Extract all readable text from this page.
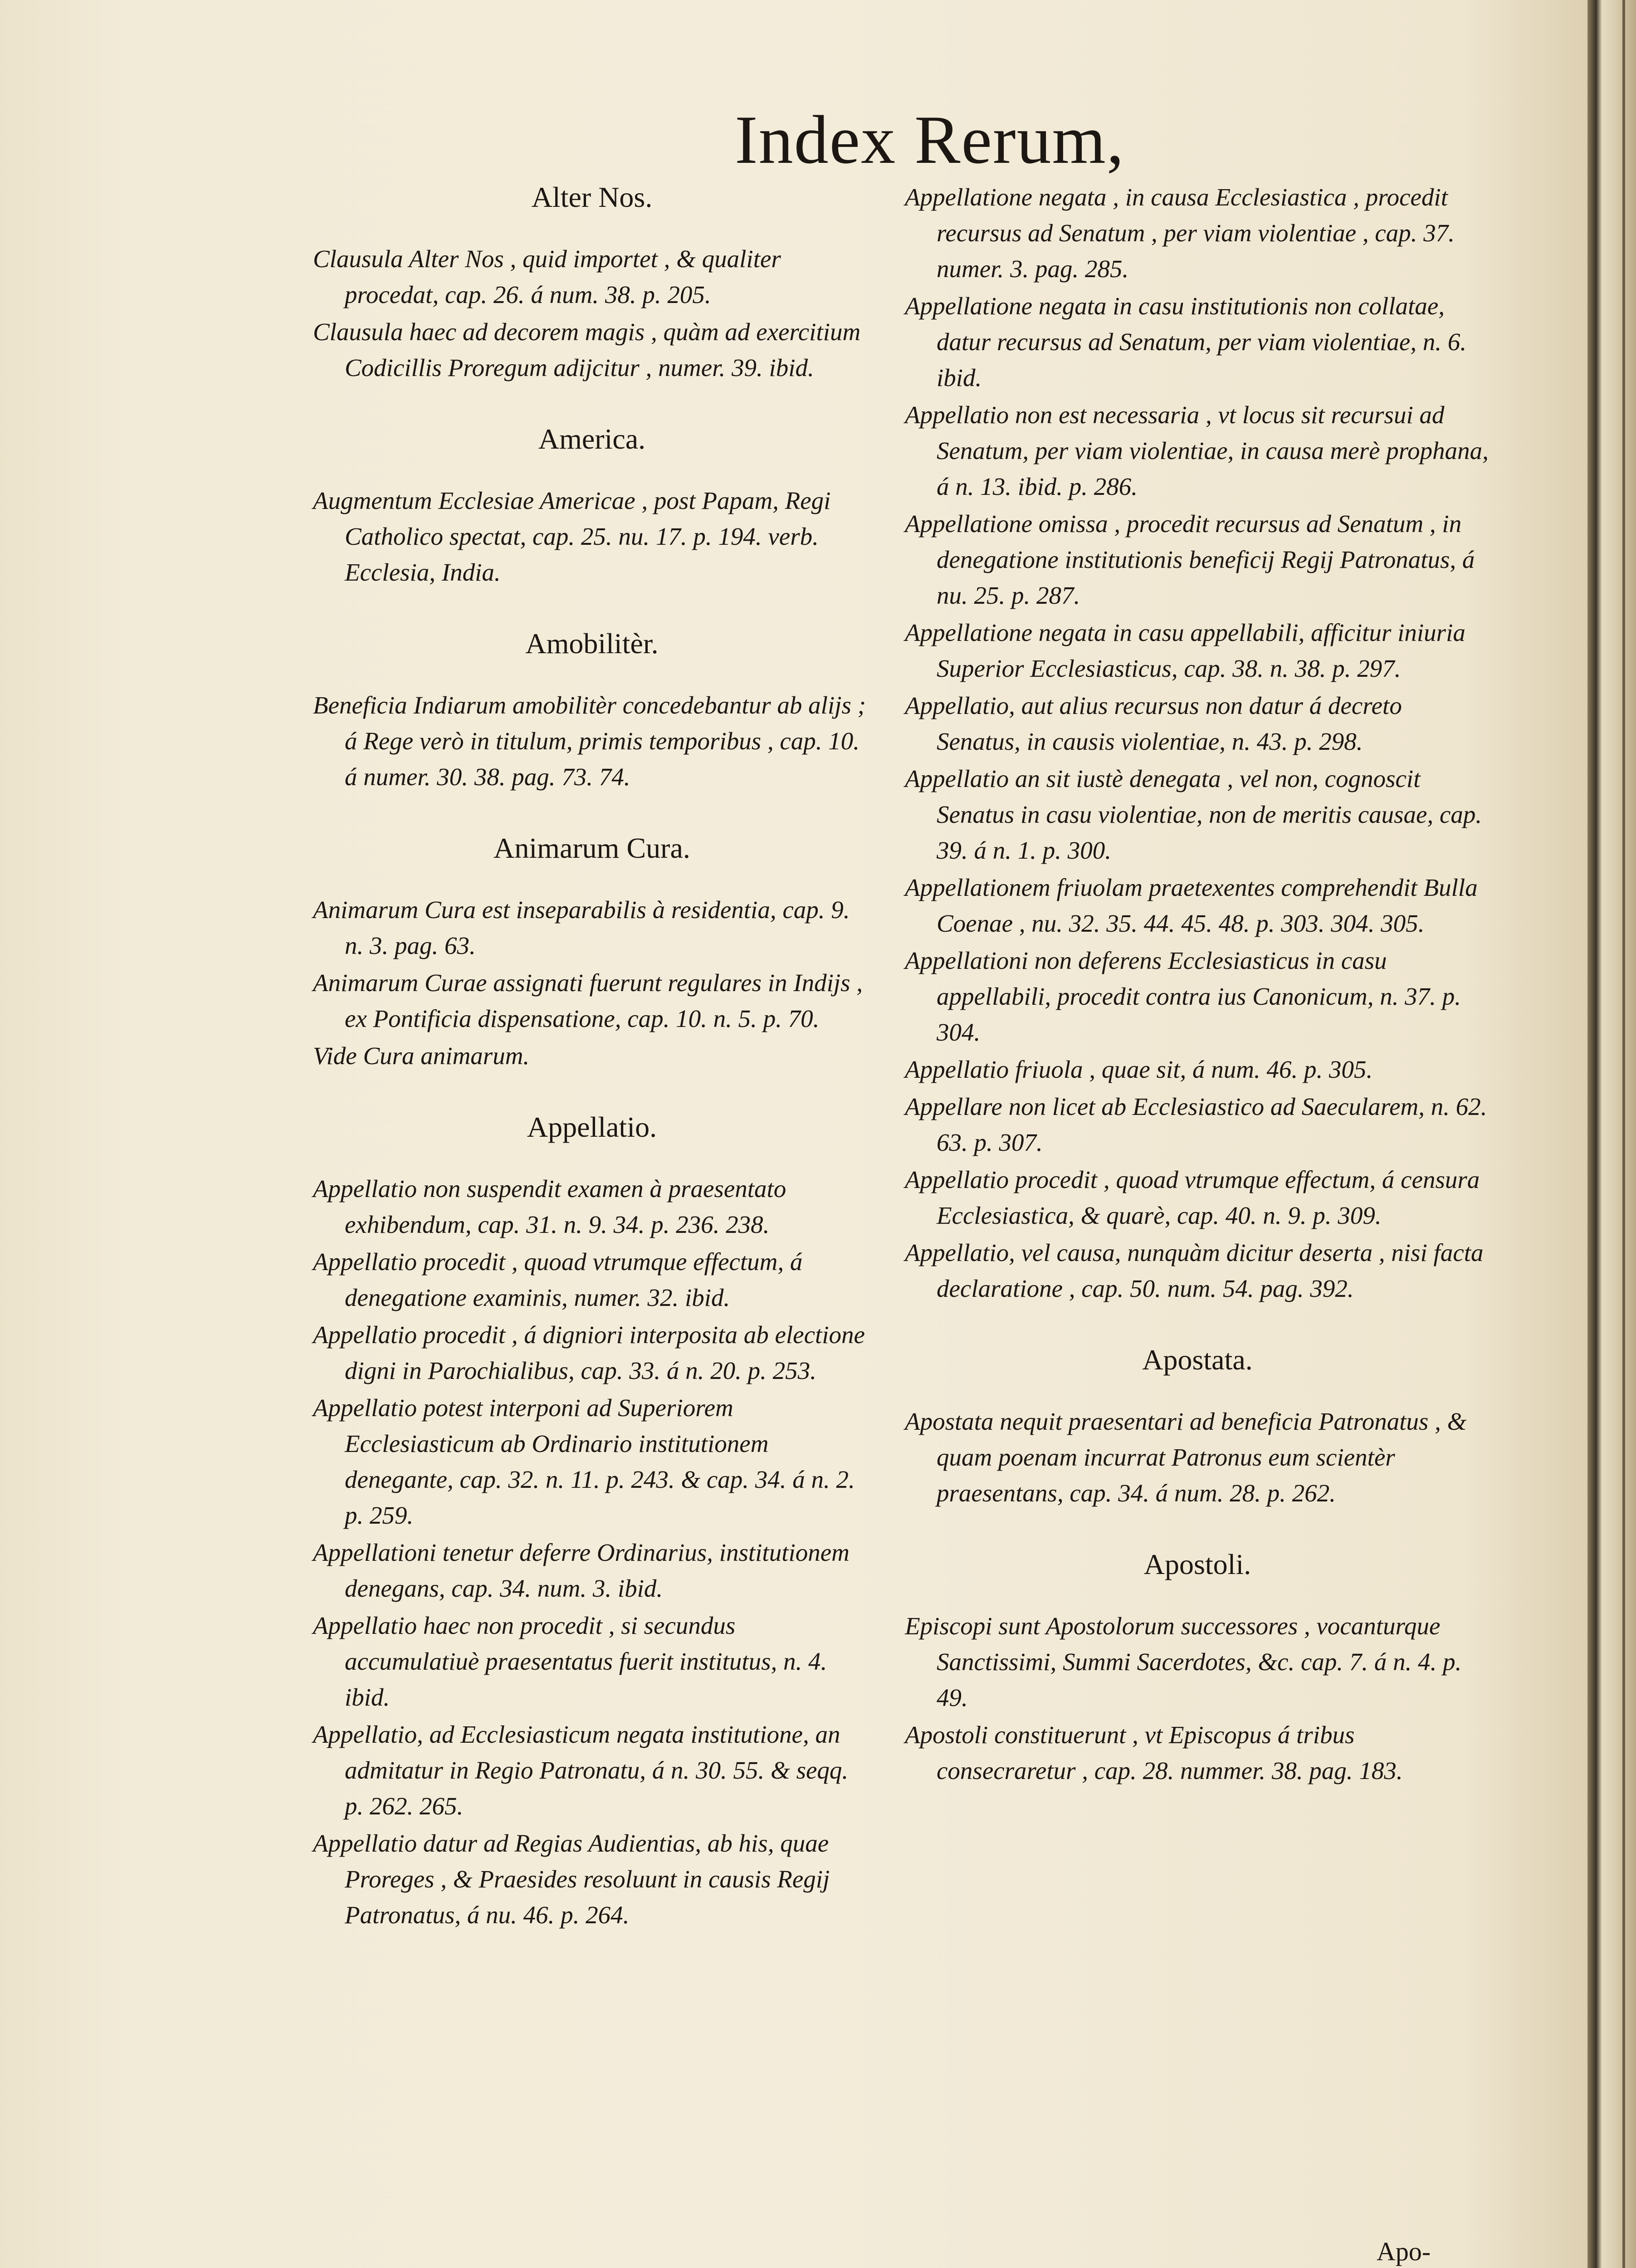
Index Rerum,
Alter Nos.

Clausula Alter Nos , quid importet , & qualiter procedat, cap. 26. á num. 38. p. 205.

Clausula haec ad decorem magis , quàm ad exercitium Codicillis Proregum adijcitur , numer. 39. ibid.

America.

Augmentum Ecclesiae Americae , post Papam, Regi Catholico spectat, cap. 25. nu. 17. p. 194. verb. Ecclesia, India.

Amobilitèr.

Beneficia Indiarum amobilitèr concedebantur ab alijs ; á Rege verò in titulum, primis temporibus , cap. 10. á numer. 30. 38. pag. 73. 74.

Animarum Cura.

Animarum Cura est inseparabilis à residentia, cap. 9. n. 3. pag. 63.

Animarum Curae assignati fuerunt regulares in Indijs , ex Pontificia dispensatione, cap. 10. n. 5. p. 70.

Vide Cura animarum.

Appellatio.

Appellatio non suspendit examen à praesentato exhibendum, cap. 31. n. 9. 34. p. 236. 238.

Appellatio procedit , quoad vtrumque effectum, á denegatione examinis, numer. 32. ibid.

Appellatio procedit , á digniori interposita ab electione digni in Parochialibus, cap. 33. á n. 20. p. 253.

Appellatio potest interponi ad Superiorem Ecclesiasticum ab Ordinario institutionem denegante, cap. 32. n. 11. p. 243. & cap. 34. á n. 2. p. 259.

Appellationi tenetur deferre Ordinarius, institutionem denegans, cap. 34. num. 3. ibid.

Appellatio haec non procedit , si secundus accumulatiuè praesentatus fuerit institutus, n. 4. ibid.

Appellatio, ad Ecclesiasticum negata institutione, an admitatur in Regio Patronatu, á n. 30. 55. & seqq. p. 262. 265.

Appellatio datur ad Regias Audientias, ab his, quae Proreges , & Praesides resoluunt in causis Regij Patronatus, á nu. 46. p. 264.

Appellatione negata , in causa Ecclesiastica , procedit recursus ad Senatum , per viam violentiae , cap. 37. numer. 3. pag. 285.

Appellatione negata in casu institutionis non collatae, datur recursus ad Senatum, per viam violentiae, n. 6. ibid.

Appellatio non est necessaria , vt locus sit recursui ad Senatum, per viam violentiae, in causa merè prophana, á n. 13. ibid. p. 286.

Appellatione omissa , procedit recursus ad Senatum , in denegatione institutionis beneficij Regij Patronatus, á nu. 25. p. 287.

Appellatione negata in casu appellabili, afficitur iniuria Superior Ecclesiasticus, cap. 38. n. 38. p. 297.

Appellatio, aut alius recursus non datur á decreto Senatus, in causis violentiae, n. 43. p. 298.

Appellatio an sit iustè denegata , vel non, cognoscit Senatus in casu violentiae, non de meritis causae, cap. 39. á n. 1. p. 300.

Appellationem friuolam praetexentes comprehendit Bulla Coenae , nu. 32. 35. 44. 45. 48. p. 303. 304. 305.

Appellationi non deferens Ecclesiasticus in casu appellabili, procedit contra ius Canonicum, n. 37. p. 304.

Appellatio friuola , quae sit, á num. 46. p. 305.

Appellare non licet ab Ecclesiastico ad Saecularem, n. 62. 63. p. 307.

Appellatio procedit , quoad vtrumque effectum, á censura Ecclesiastica, & quarè, cap. 40. n. 9. p. 309.

Appellatio, vel causa, nunquàm dicitur deserta , nisi facta declaratione , cap. 50. num. 54. pag. 392.

Apostata.

Apostata nequit praesentari ad beneficia Patronatus , & quam poenam incurrat Patronus eum scientèr praesentans, cap. 34. á num. 28. p. 262.

Apostoli.

Episcopi sunt Apostolorum successores , vocanturque Sanctissimi, Summi Sacerdotes, &c. cap. 7. á n. 4. p. 49.

Apostoli constituerunt , vt Episcopus á tribus consecraretur , cap. 28. nummer. 38. pag. 183.

Apo-
